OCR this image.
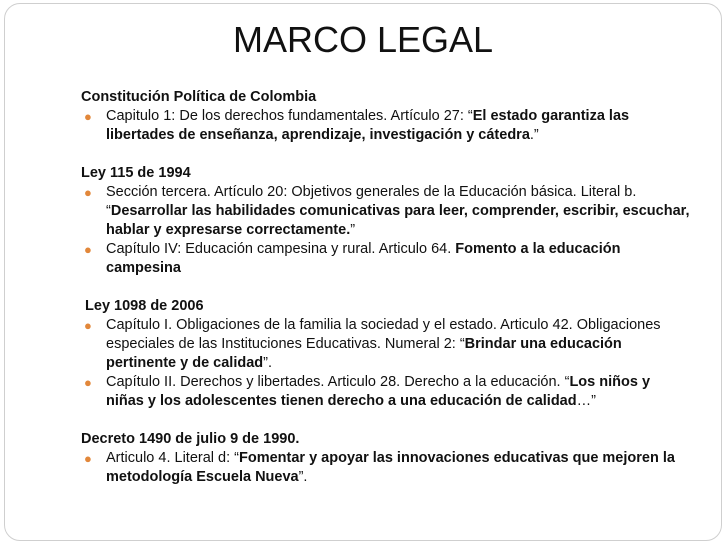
MARCO LEGAL

Constitución Política de Colombia

● Capitulo 1: De los derechos fundamentales. Artículo 27: “El estado garantiza las libertades de enseñanza, aprendizaje, investigación y cátedra.”

Ley 115 de 1994

● Sección tercera. Artículo 20: Objetivos generales de la Educación básica. Literal b. “Desarrollar las habilidades comunicativas para leer, comprender, escribir, escuchar, hablar y expresarse correctamente.”

● Capítulo IV: Educación campesina y rural. Articulo 64. Fomento a la educación campesina

Ley 1098 de 2006

● Capítulo I. Obligaciones de la familia la sociedad y el estado. Articulo 42. Obligaciones especiales de las Instituciones Educativas. Numeral 2: “Brindar una educación pertinente y de calidad”.

● Capítulo II. Derechos y libertades. Articulo 28. Derecho a la educación. “Los niños y niñas y los adolescentes tienen derecho a una educación de calidad…”

Decreto 1490 de julio 9 de 1990.

● Articulo 4. Literal d: “Fomentar y apoyar las innovaciones educativas que mejoren la metodología Escuela Nueva”.
